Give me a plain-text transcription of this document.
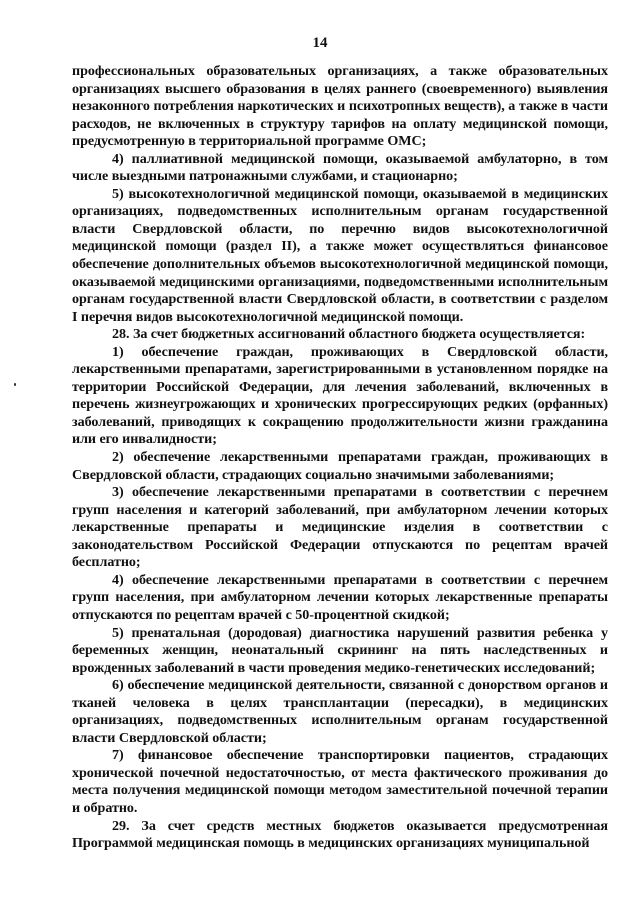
14

профессиональных образовательных организациях, а также образовательных организациях высшего образования в целях раннего (своевременного) выявления незаконного потребления наркотических и психотропных веществ), а также в части расходов, не включенных в структуру тарифов на оплату медицинской помощи, предусмотренную в территориальной программе ОМС;

4) паллиативной медицинской помощи, оказываемой амбулаторно, в том числе выездными патронажными службами, и стационарно;

5) высокотехнологичной медицинской помощи, оказываемой в медицинских организациях, подведомственных исполнительным органам государственной власти Свердловской области, по перечню видов высокотехнологичной медицинской помощи (раздел II), а также может осуществляться финансовое обеспечение дополнительных объемов высокотехнологичной медицинской помощи, оказываемой медицинскими организациями, подведомственными исполнительным органам государственной власти Свердловской области, в соответствии с разделом I перечня видов высокотехнологичной медицинской помощи.

28. За счет бюджетных ассигнований областного бюджета осуществляется:

1) обеспечение граждан, проживающих в Свердловской области, лекарственными препаратами, зарегистрированными в установленном порядке на территории Российской Федерации, для лечения заболеваний, включенных в перечень жизнеугрожающих и хронических прогрессирующих редких (орфанных) заболеваний, приводящих к сокращению продолжительности жизни гражданина или его инвалидности;

2) обеспечение лекарственными препаратами граждан, проживающих в Свердловской области, страдающих социально значимыми заболеваниями;

3) обеспечение лекарственными препаратами в соответствии с перечнем групп населения и категорий заболеваний, при амбулаторном лечении которых лекарственные препараты и медицинские изделия в соответствии с законодательством Российской Федерации отпускаются по рецептам врачей бесплатно;

4) обеспечение лекарственными препаратами в соответствии с перечнем групп населения, при амбулаторном лечении которых лекарственные препараты отпускаются по рецептам врачей с 50-процентной скидкой;

5) пренатальная (дородовая) диагностика нарушений развития ребенка у беременных женщин, неонатальный скрининг на пять наследственных и врожденных заболеваний в части проведения медико-генетических исследований;

6) обеспечение медицинской деятельности, связанной с донорством органов и тканей человека в целях трансплантации (пересадки), в медицинских организациях, подведомственных исполнительным органам государственной власти Свердловской области;

7) финансовое обеспечение транспортировки пациентов, страдающих хронической почечной недостаточностью, от места фактического проживания до места получения медицинской помощи методом заместительной почечной терапии и обратно.

29. За счет средств местных бюджетов оказывается предусмотренная Программой медицинская помощь в медицинских организациях муниципальной
